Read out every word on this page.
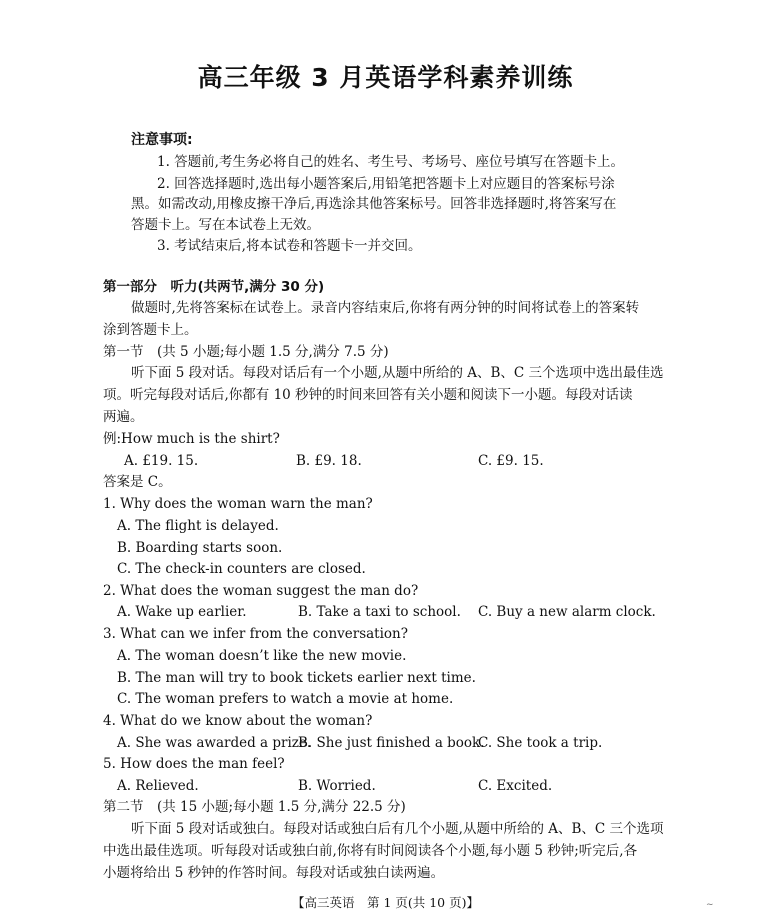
高三年级 3 月英语学科素养训练
注意事项:
1. 答题前,考生务必将自己的姓名、考生号、考场号、座位号填写在答题卡上。
2. 回答选择题时,选出每小题答案后,用铅笔把答题卡上对应题目的答案标号涂
黑。如需改动,用橡皮擦干净后,再选涂其他答案标号。回答非选择题时,将答案写在
答题卡上。写在本试卷上无效。
3. 考试结束后,将本试卷和答题卡一并交回。
第一部分　听力(共两节,满分 30 分)
做题时,先将答案标在试卷上。录音内容结束后,你将有两分钟的时间将试卷上的答案转
涂到答题卡上。
第一节　(共 5 小题;每小题 1.5 分,满分 7.5 分)
听下面 5 段对话。每段对话后有一个小题,从题中所给的 A、B、C 三个选项中选出最佳选
项。听完每段对话后,你都有 10 秒钟的时间来回答有关小题和阅读下一小题。每段对话读
两遍。
例:How much is the shirt?
A. £19. 15.	B. £9. 18.	C. £9. 15.
答案是 C。
1. Why does the woman warn the man?
A. The flight is delayed.
B. Boarding starts soon.
C. The check-in counters are closed.
2. What does the woman suggest the man do?
A. Wake up earlier.	B. Take a taxi to school. C. Buy a new alarm clock.
3. What can we infer from the conversation?
A. The woman doesn’t like the new movie.
B. The man will try to book tickets earlier next time.
C. The woman prefers to watch a movie at home.
4. What do we know about the woman?
A. She was awarded a prize.
B. She just finished a book.
C. She took a trip.
5. How does the man feel?
A. Relieved.	B. Worried.	C. Excited.
第二节　(共 15 小题;每小题 1.5 分,满分 22.5 分)
听下面 5 段对话或独白。每段对话或独白后有几个小题,从题中所给的 A、B、C 三个选项
中选出最佳选项。听每段对话或独白前,你将有时间阅读各个小题,每小题 5 秒钟;听完后,各
小题将给出 5 秒钟的作答时间。每段对话或独白读两遍。
【高三英语　第 1 页(共 10 页)】	~
